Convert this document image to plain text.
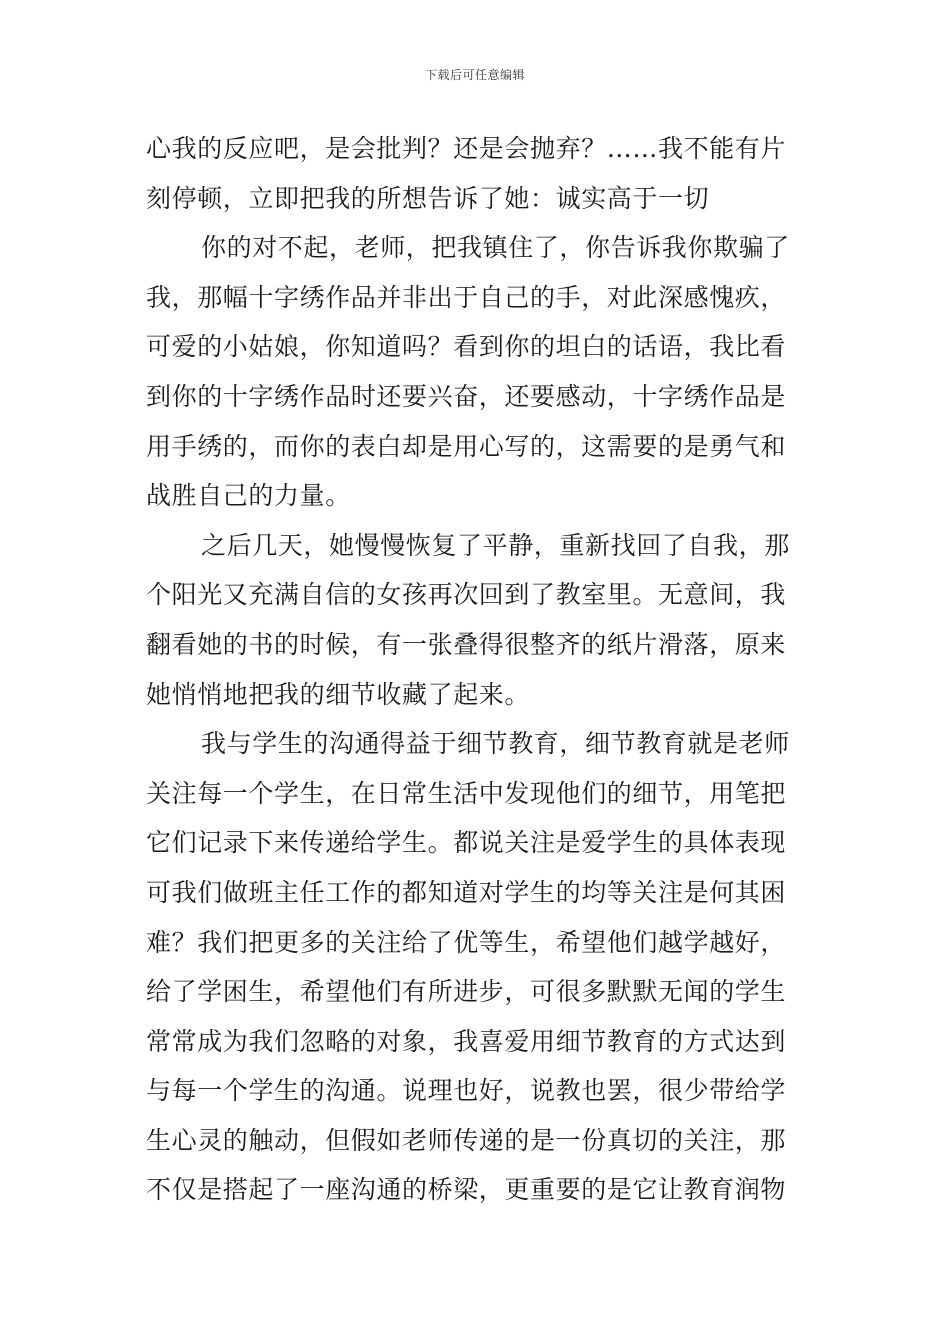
下载后可任意编辑
心我的反应吧，是会批判？还是会抛弃？……我不能有片
刻停顿，立即把我的所想告诉了她：诚实高于一切
你的对不起，老师，把我镇住了，你告诉我你欺骗了
我，那幅十字绣作品并非出于自己的手，对此深感愧疚，
可爱的小姑娘，你知道吗？看到你的坦白的话语，我比看
到你的十字绣作品时还要兴奋，还要感动，十字绣作品是
用手绣的，而你的表白却是用心写的，这需要的是勇气和
战胜自己的力量。
之后几天，她慢慢恢复了平静，重新找回了自我，那
个阳光又充满自信的女孩再次回到了教室里。无意间，我
翻看她的书的时候，有一张叠得很整齐的纸片滑落，原来
她悄悄地把我的细节收藏了起来。
我与学生的沟通得益于细节教育，细节教育就是老师
关注每一个学生，在日常生活中发现他们的细节，用笔把
它们记录下来传递给学生。都说关注是爱学生的具体表现
可我们做班主任工作的都知道对学生的均等关注是何其困
难？我们把更多的关注给了优等生，希望他们越学越好，
给了学困生，希望他们有所进步，可很多默默无闻的学生
常常成为我们忽略的对象，我喜爱用细节教育的方式达到
与每一个学生的沟通。说理也好，说教也罢，很少带给学
生心灵的触动，但假如老师传递的是一份真切的关注，那
不仅是搭起了一座沟通的桥梁，更重要的是它让教育润物
